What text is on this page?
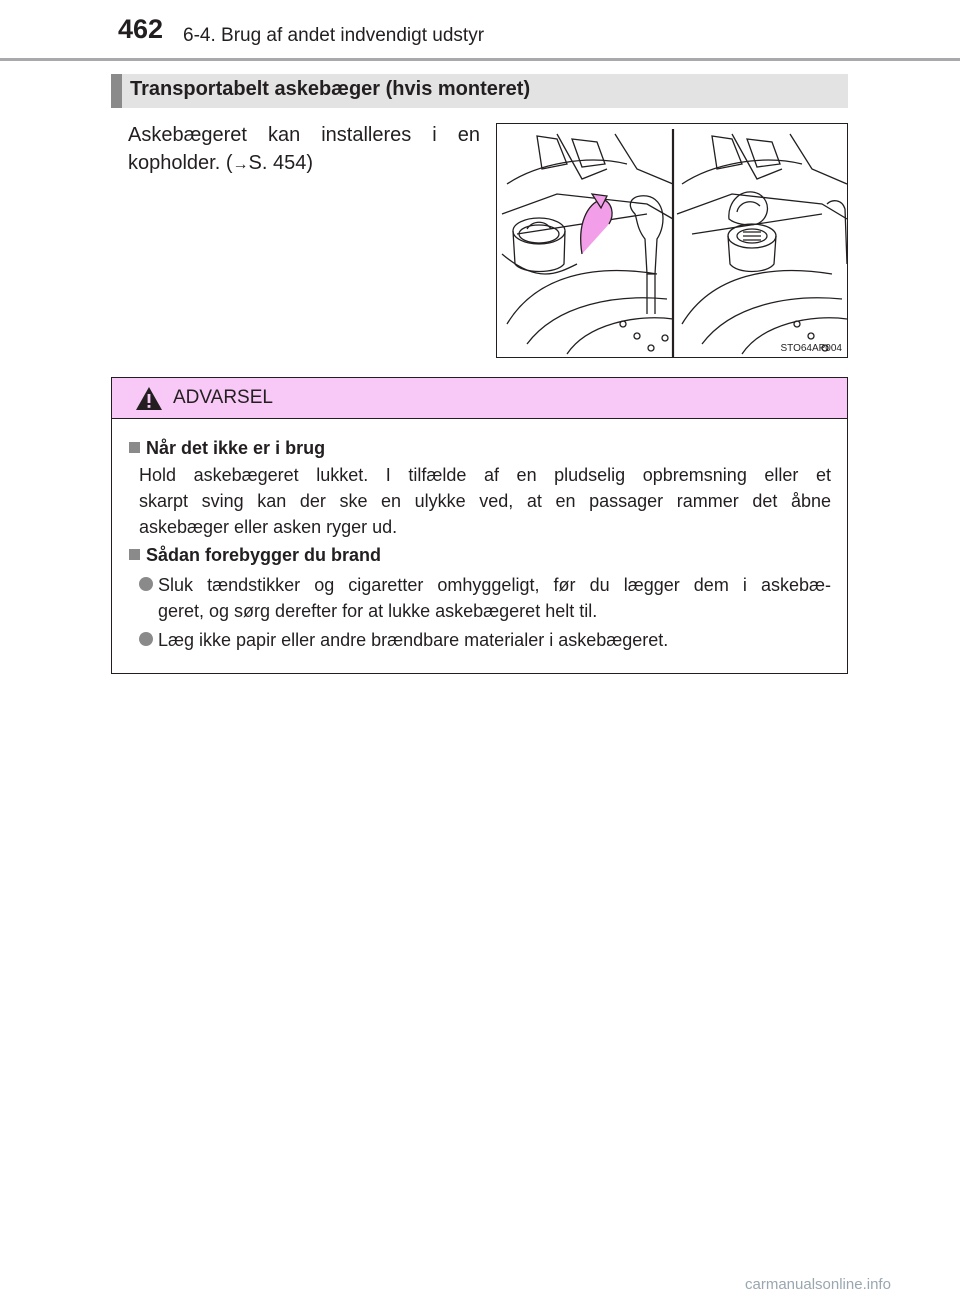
462 6-4. Brug af andet indvendigt udstyr
Transportabelt askebæger (hvis monteret)
Askebægeret kan installeres i en
kopholder. (→S. 454)
STO64AP004
ADVARSEL
Når det ikke er i brug
Hold askebægeret lukket. I tilfælde af en pludselig opbremsning eller et
skarpt sving kan der ske en ulykke ved, at en passager rammer det åbne
askebæger eller asken ryger ud.
Sådan forebygger du brand
Sluk tændstikker og cigaretter omhyggeligt, før du lægger dem i askebæ-
geret, og sørg derefter for at lukke askebægeret helt til.
Læg ikke papir eller andre brændbare materialer i askebægeret.
carmanualsonline.info
